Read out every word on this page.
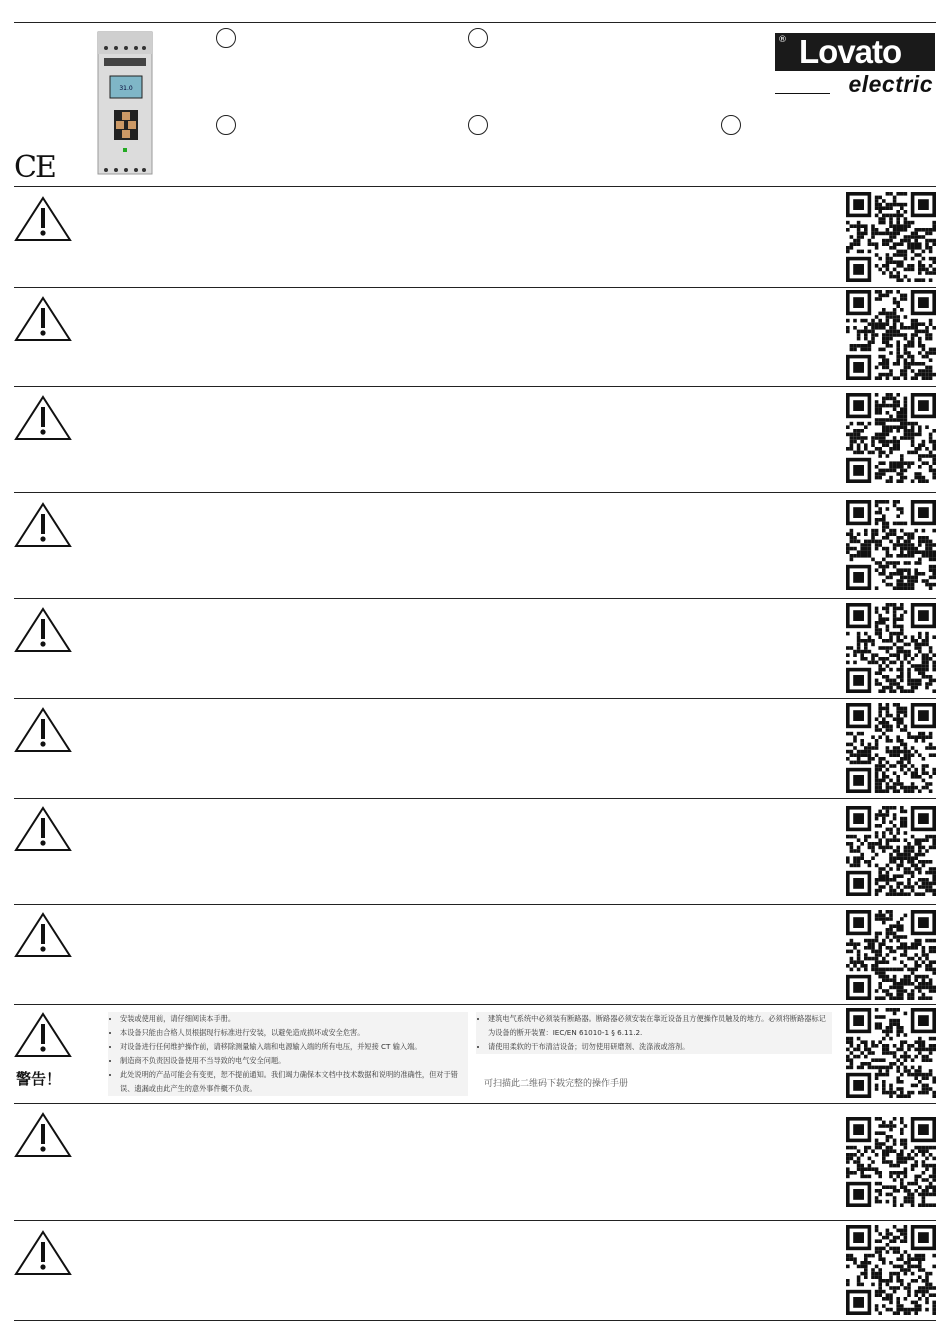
31.0
CE
® Lovato
electric
警告！
• 安装或使用前，请仔细阅读本手册。
• 本设备只能由合格人员根据现行标准进行安装，以避免造成损坏或安全危害。
• 对设备进行任何维护操作前，请移除测量输入端和电源输入端的所有电压，并短接 CT 输入端。
• 制造商不负责因设备使用不当导致的电气安全问题。
• 此处说明的产品可能会有变更，恕不提前通知。我们竭力确保本文档中技术数据和说明的准确性，但对于错误、遗漏或由此产生的意外事件概不负责。
• 建筑电气系统中必须装有断路器。断路器必须安装在靠近设备且方便操作员触及的地方。必须将断路器标记为设备的断开装置：IEC/EN 61010-1 § 6.11.2.
• 请使用柔软的干布清洁设备；切勿使用研磨剂、洗涤液或溶剂。
可扫描此二维码下载完整的操作手册
